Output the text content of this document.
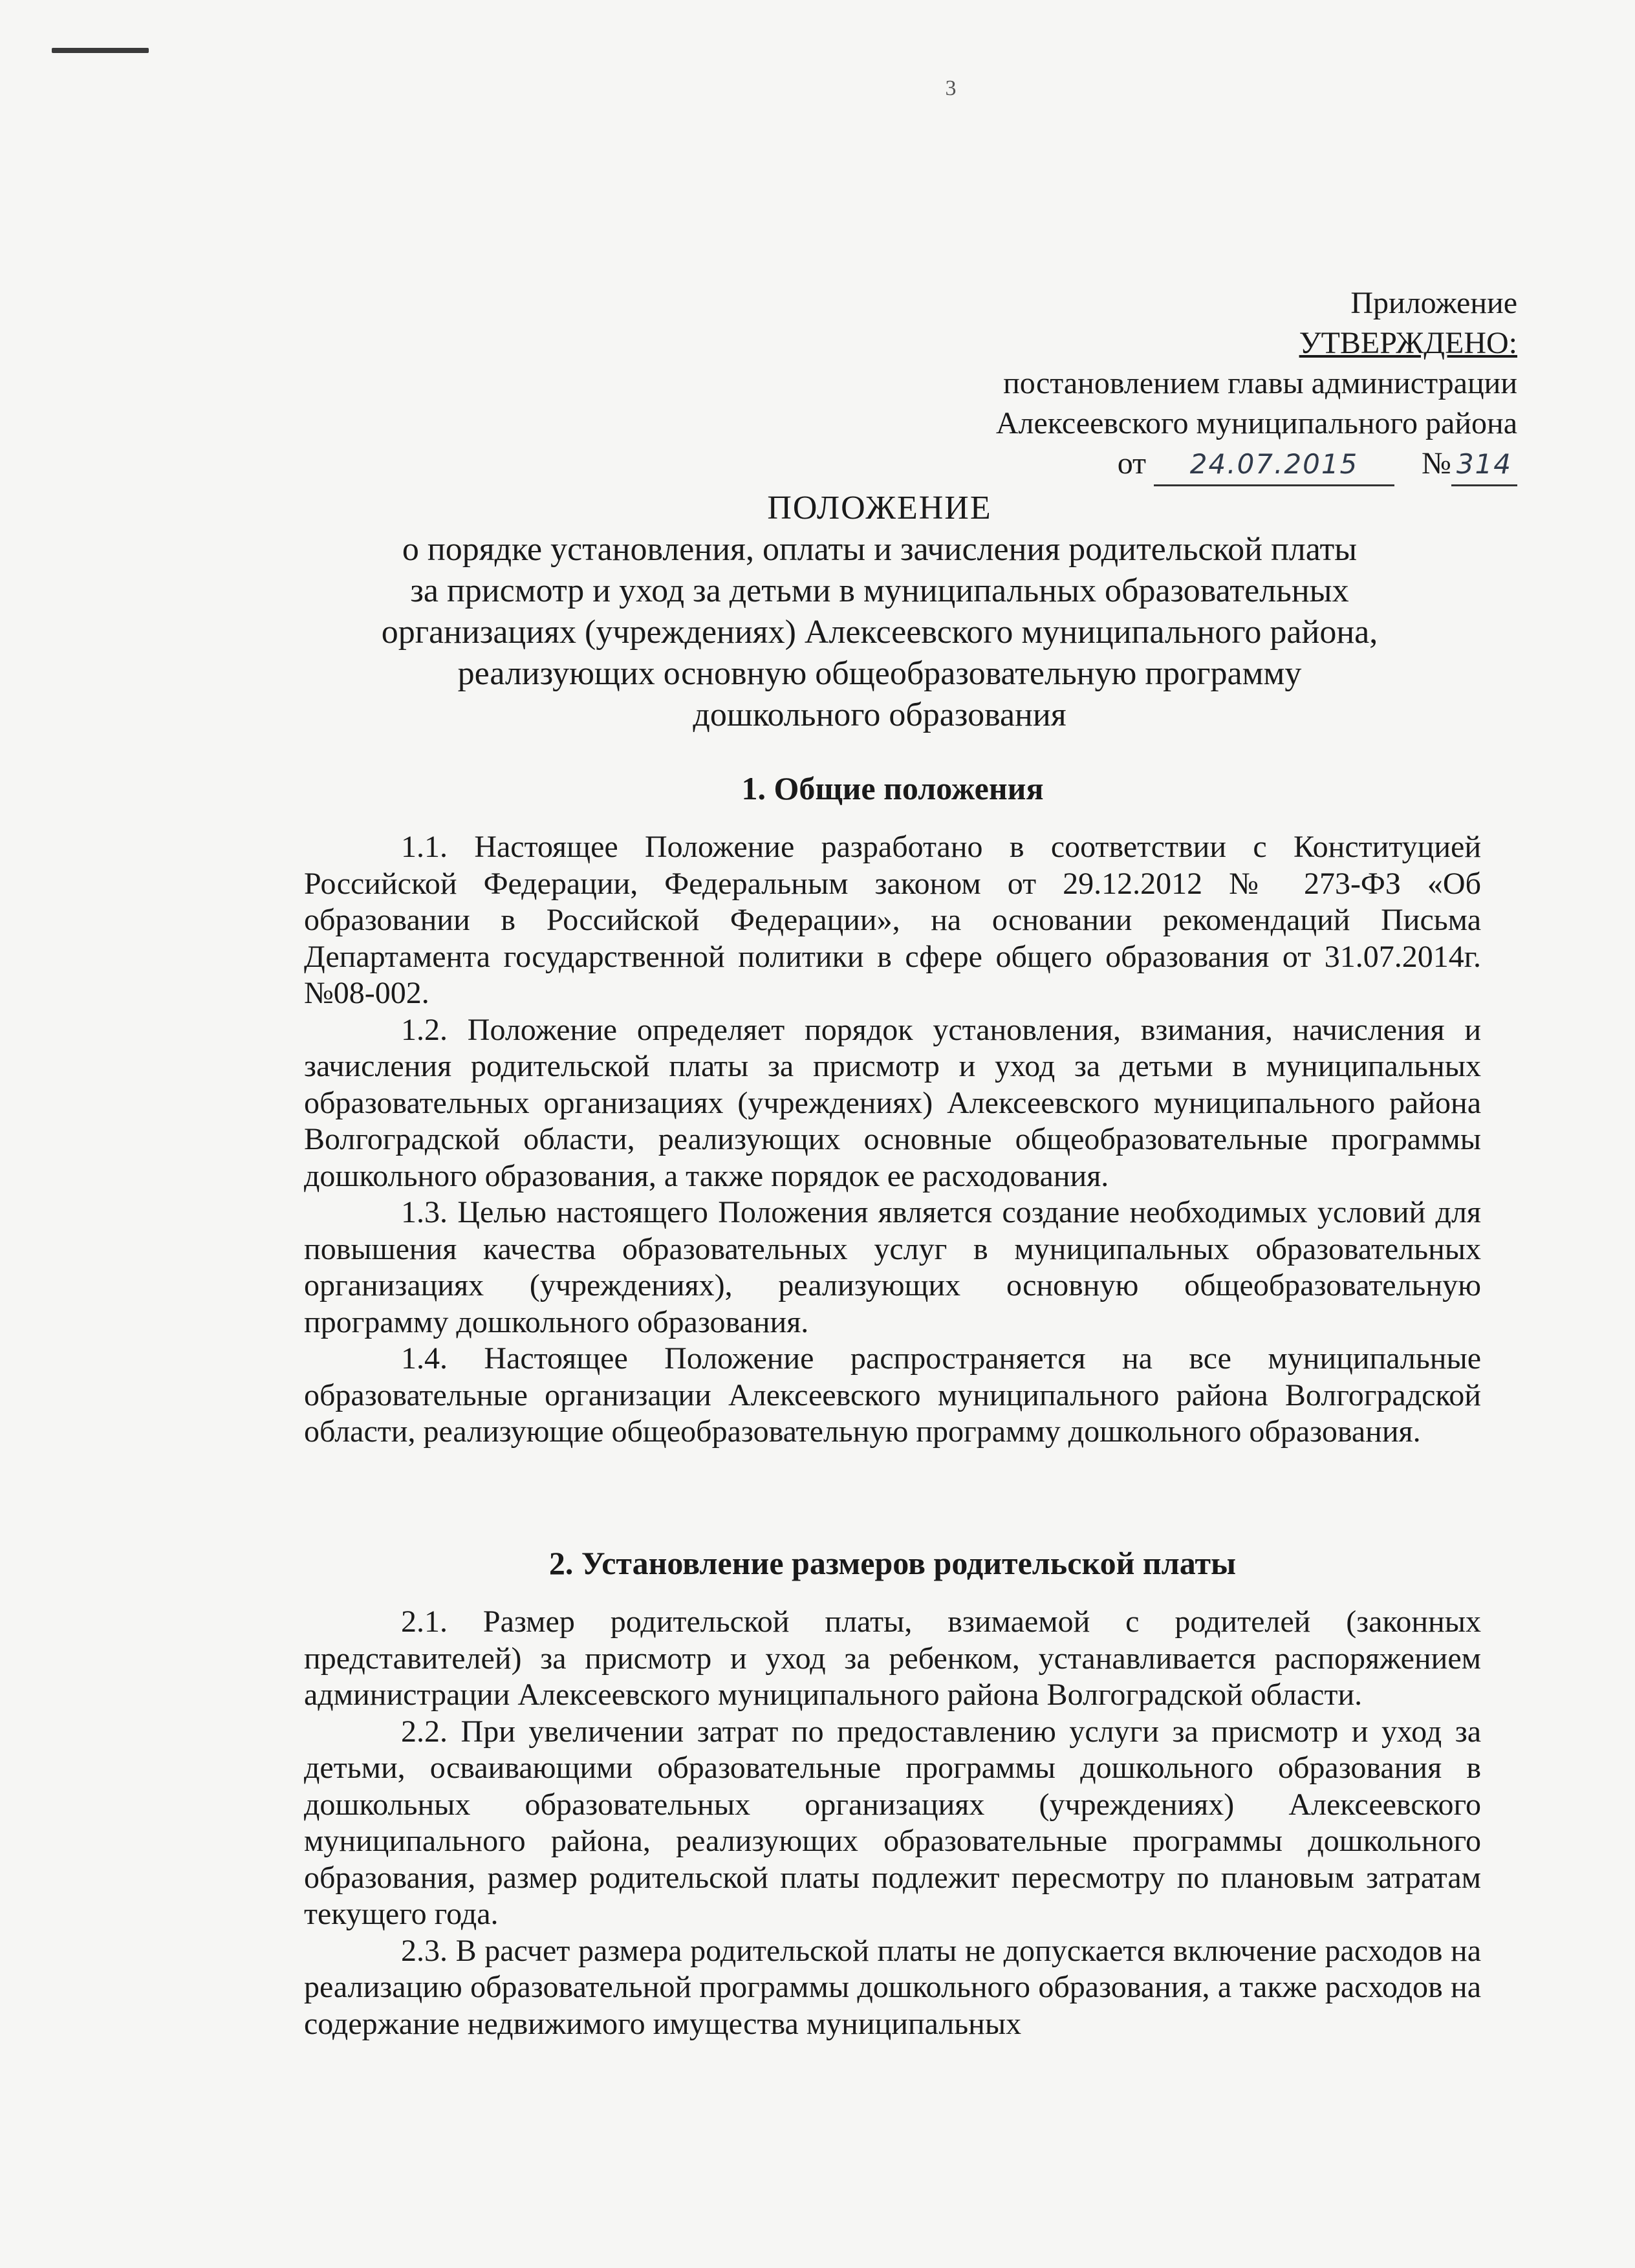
3
Приложение
УТВЕРЖДЕНО:
постановлением главы администрации
Алексеевского муниципального района
от 24.07.2015 № 314
ПОЛОЖЕНИЕ
о порядке установления, оплаты и зачисления родительской платы
за присмотр и уход за детьми в муниципальных образовательных
организациях (учреждениях) Алексеевского муниципального района,
реализующих основную общеобразовательную программу
дошкольного образования
1. Общие положения

1.1. Настоящее Положение разработано в соответствии с Конституцией Российской Федерации, Федеральным законом от 29.12.2012 № 273-ФЗ «Об образовании в Российской Федерации», на основании рекомендаций Письма Департамента государственной политики в сфере общего образования от 31.07.2014г. №08-002.

1.2. Положение определяет порядок установления, взимания, начисления и зачисления родительской платы за присмотр и уход за детьми в муниципальных образовательных организациях (учреждениях) Алексеевского муниципального района Волгоградской области, реализующих основные общеобразовательные программы дошкольного образования, а также порядок ее расходования.

1.3. Целью настоящего Положения является создание необходимых условий для повышения качества образовательных услуг в муниципальных образовательных организациях (учреждениях), реализующих основную общеобразовательную программу дошкольного образования.

1.4. Настоящее Положение распространяется на все муниципальные образовательные организации Алексеевского муниципального района Волгоградской области, реализующие общеобразовательную программу дошкольного образования.

2. Установление размеров родительской платы

2.1. Размер родительской платы, взимаемой с родителей (законных представителей) за присмотр и уход за ребенком, устанавливается распоряжением администрации Алексеевского муниципального района Волгоградской области.

2.2. При увеличении затрат по предоставлению услуги за присмотр и уход за детьми, осваивающими образовательные программы дошкольного образования в дошкольных образовательных организациях (учреждениях) Алексеевского муниципального района, реализующих образовательные программы дошкольного образования, размер родительской платы подлежит пересмотру по плановым затратам текущего года.

2.3. В расчет размера родительской платы не допускается включение расходов на реализацию образовательной программы дошкольного образования, а также расходов на содержание недвижимого имущества муниципальных
